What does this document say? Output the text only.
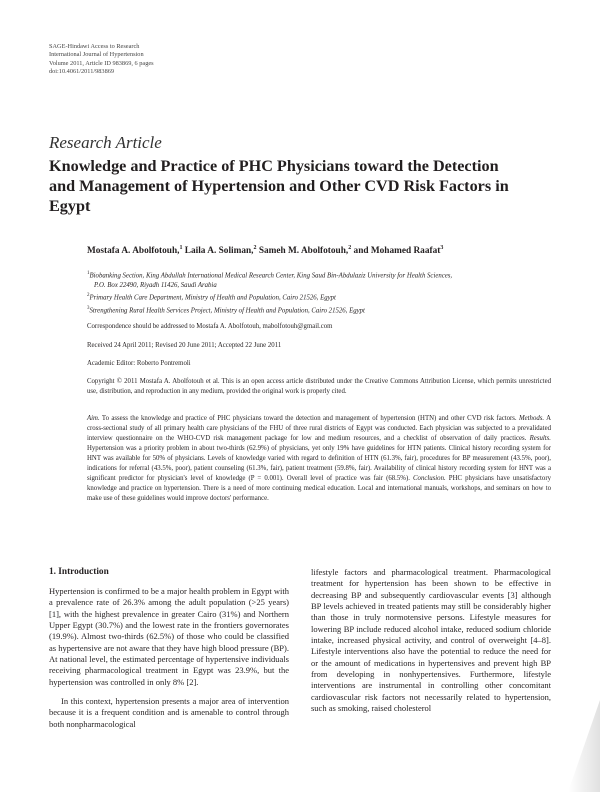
SAGE-Hindawi Access to Research
International Journal of Hypertension
Volume 2011, Article ID 983869, 6 pages
doi:10.4061/2011/983869
Research Article
Knowledge and Practice of PHC Physicians toward the Detection
and Management of Hypertension and Other CVD Risk Factors in
Egypt
Mostafa A. Abolfotouh,$^1$ Laila A. Soliman,$^2$ Sameh M. Abolfotouh,$^2$ and Mohamed Raafat$^3$
$^1$Biobanking Section, King Abdullah International Medical Research Center, King Saud Bin-Abdulaziz University for Health Sciences,
P.O. Box 22490, Riyadh 11426, Saudi Arabia
$^2$Primary Health Care Department, Ministry of Health and Population, Cairo 21526, Egypt
$^3$Strengthening Rural Health Services Project, Ministry of Health and Population, Cairo 21526, Egypt
Correspondence should be addressed to Mostafa A. Abolfotouh, mabolfotouh@gmail.com
Received 24 April 2011; Revised 20 June 2011; Accepted 22 June 2011
Academic Editor: Roberto Pontremoli
Copyright © 2011 Mostafa A. Abolfotouh et al. This is an open access article distributed under the Creative Commons Attribution License, which permits unrestricted use, distribution, and reproduction in any medium, provided the original work is properly cited.
Aim. To assess the knowledge and practice of PHC physicians toward the detection and management of hypertension (HTN) and other CVD risk factors. Methods. A cross-sectional study of all primary health care physicians of the FHU of three rural districts of Egypt was conducted. Each physician was subjected to a prevalidated interview questionnaire on the WHO-CVD risk management package for low and medium resources, and a checklist of observation of daily practices. Results. Hypertension was a priority problem in about two-thirds (62.9%) of physicians, yet only 19% have guidelines for HTN patients. Clinical history recording system for HNT was available for 50% of physicians. Levels of knowledge varied with regard to definition of HTN (61.3%, fair), procedures for BP measurement (43.5%, poor), indications for referral (43.5%, poor), patient counseling (61.3%, fair), patient treatment (59.8%, fair). Availability of clinical history recording system for HNT was a significant predictor for physician's level of knowledge (P = 0.001). Overall level of practice was fair (68.5%). Conclusion. PHC physicians have unsatisfactory knowledge and practice on hypertension. There is a need of more continuing medical education. Local and international manuals, workshops, and seminars on how to make use of these guidelines would improve doctors' performance.
1. Introduction

Hypertension is confirmed to be a major health problem in Egypt with a prevalence rate of 26.3% among the adult population (>25 years) [1], with the highest prevalence in greater Cairo (31%) and Northern Upper Egypt (30.7%) and the lowest rate in the frontiers governorates (19.9%). Almost two-thirds (62.5%) of those who could be classified as hypertensive are not aware that they have high blood pressure (BP). At national level, the estimated percentage of hypertensive individuals receiving pharmacological treatment in Egypt was 23.9%, but the hypertension was controlled in only 8% [2].

In this context, hypertension presents a major area of intervention because it is a frequent condition and is amenable to control through both nonpharmacological

lifestyle factors and pharmacological treatment. Pharmacological treatment for hypertension has been shown to be effective in decreasing BP and subsequently cardiovascular events [3] although BP levels achieved in treated patients may still be considerably higher than those in truly normotensive persons. Lifestyle measures for lowering BP include reduced alcohol intake, reduced sodium chloride intake, increased physical activity, and control of overweight [4–8]. Lifestyle interventions also have the potential to reduce the need for or the amount of medications in hypertensives and prevent high BP from developing in nonhypertensives. Furthermore, lifestyle interventions are instrumental in controlling other concomitant cardiovascular risk factors not necessarily related to hypertension, such as smoking, raised cholesterol
